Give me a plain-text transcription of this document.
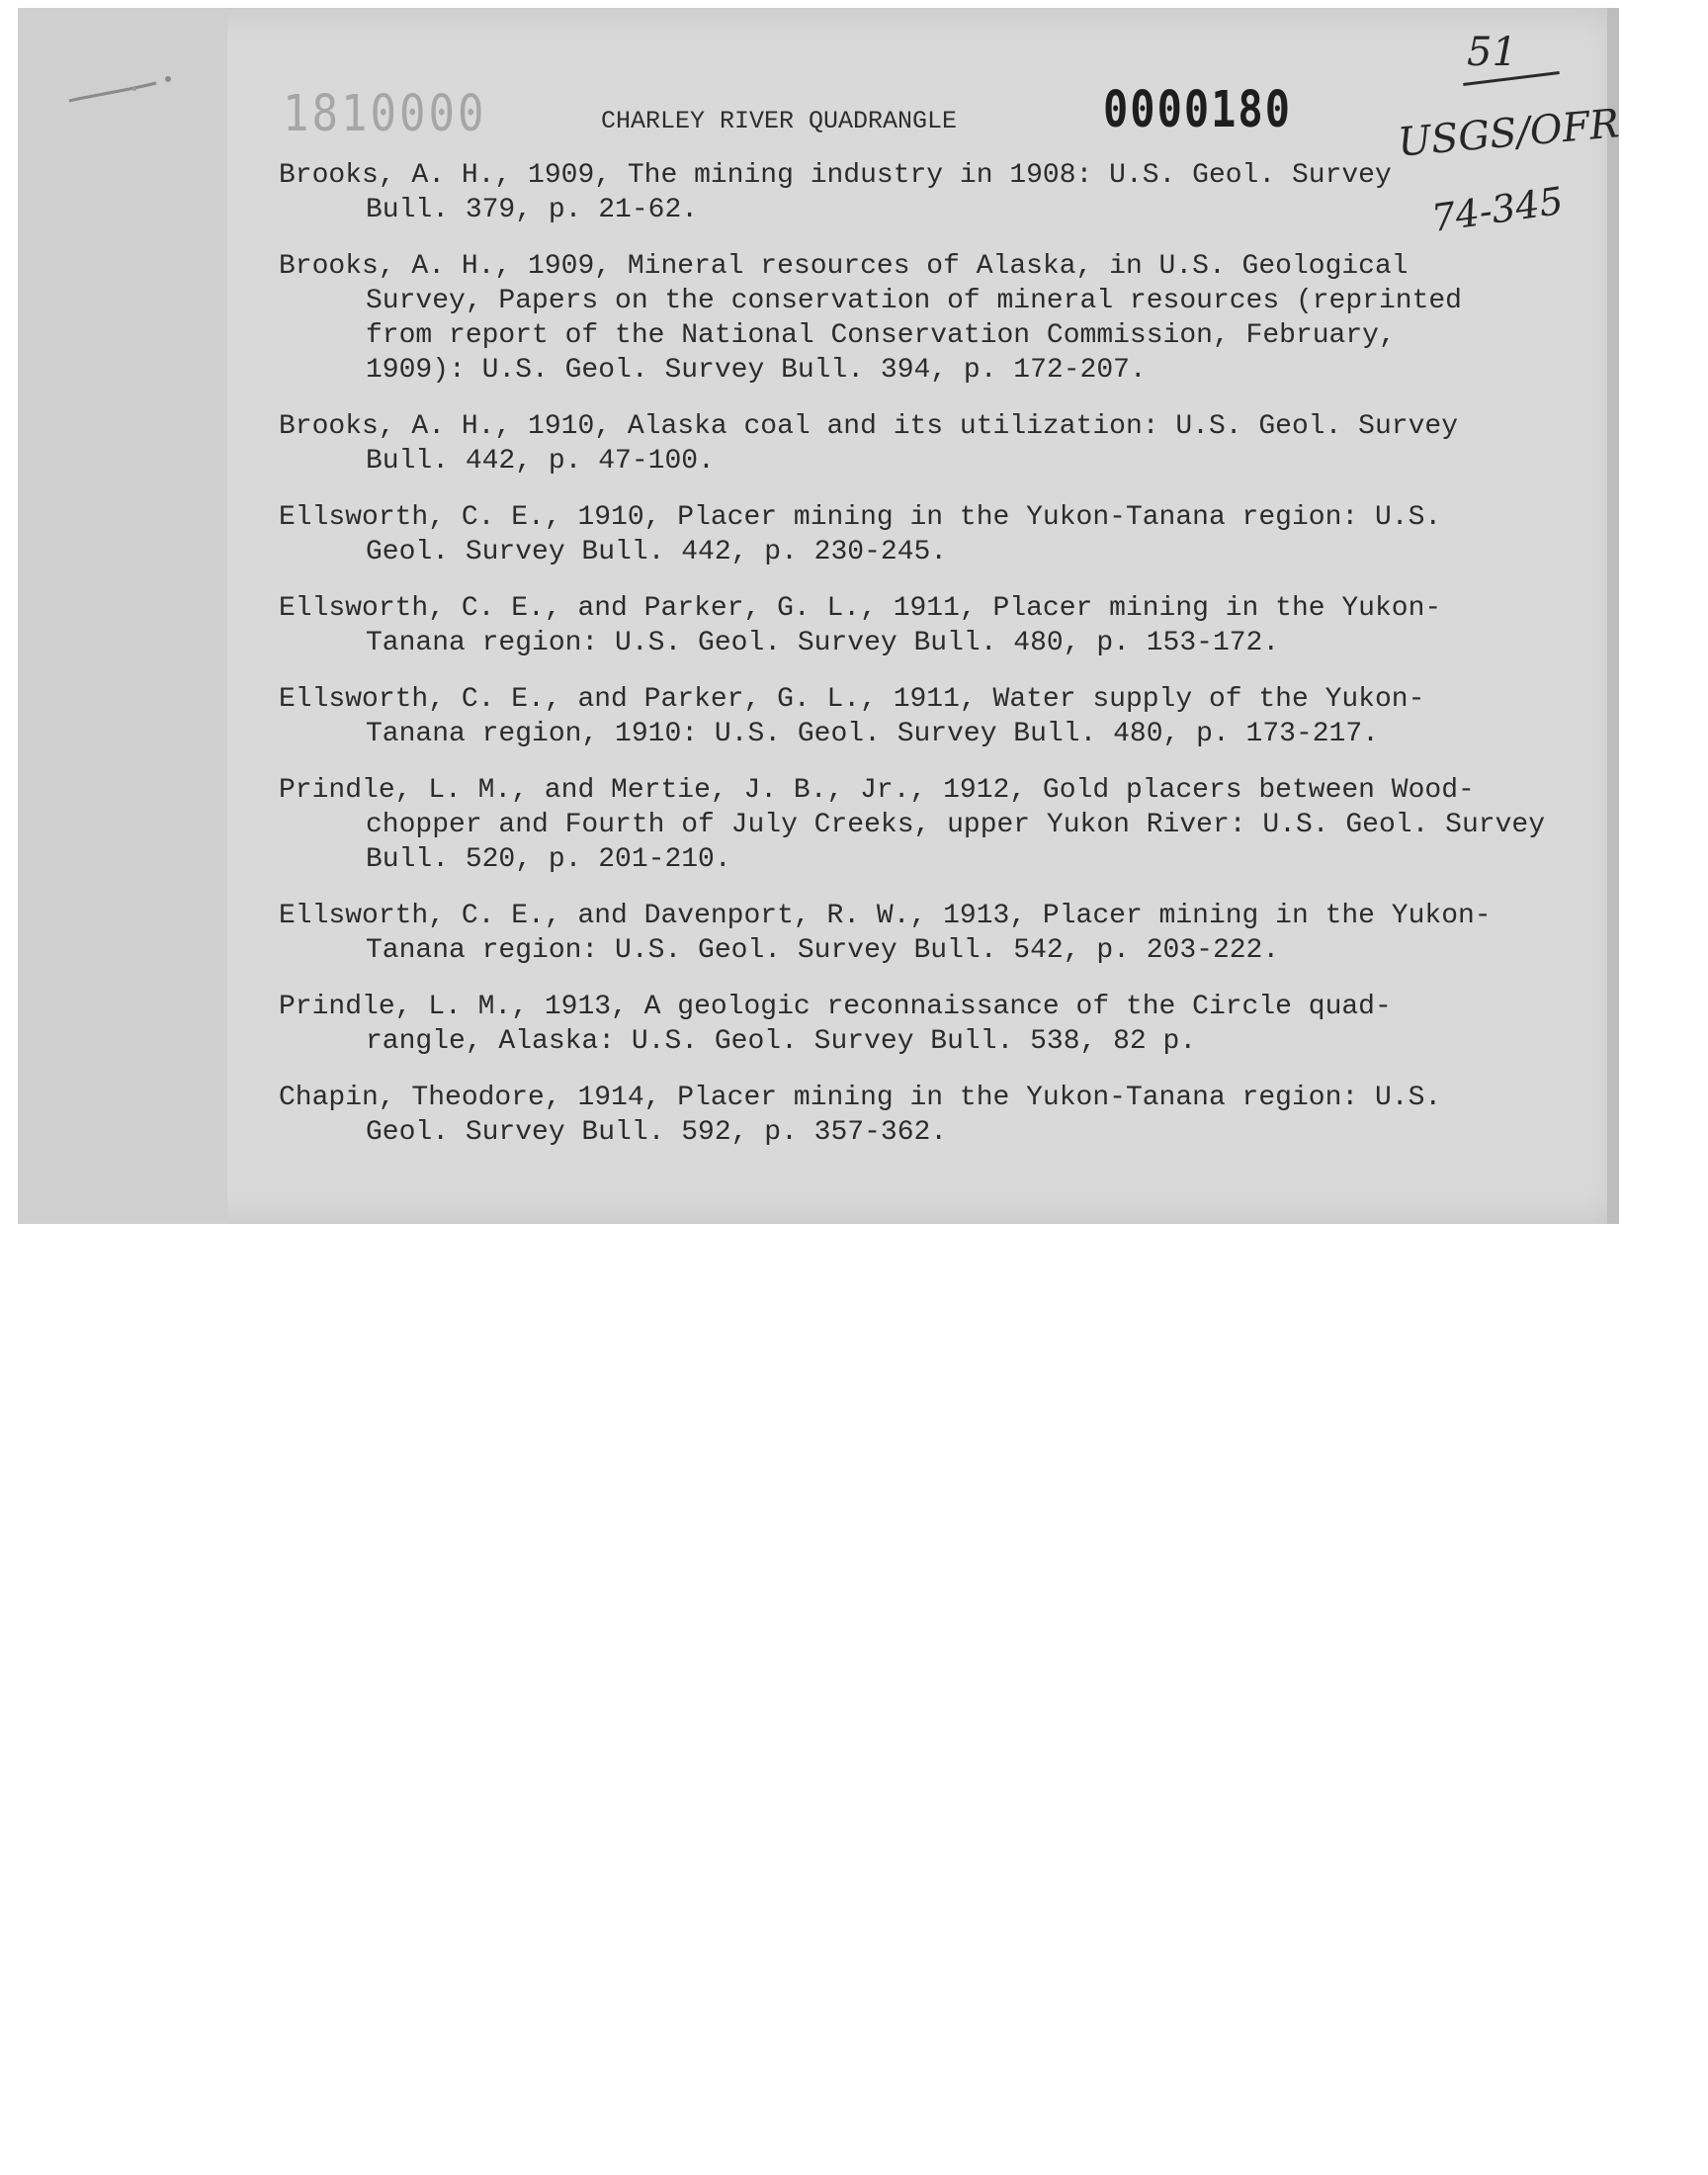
1810000	CHARLEY RIVER QUADRANGLE	0000180
51
USGS/OFR
74-345
Brooks, A. H., 1909, The mining industry in 1908: U.S. Geol. Survey
Bull. 379, p. 21-62.
Brooks, A. H., 1909, Mineral resources of Alaska, in U.S. Geological
Survey, Papers on the conservation of mineral resources (reprinted
from report of the National Conservation Commission, February,
1909): U.S. Geol. Survey Bull. 394, p. 172-207.
Brooks, A. H., 1910, Alaska coal and its utilization: U.S. Geol. Survey
Bull. 442, p. 47-100.
Ellsworth, C. E., 1910, Placer mining in the Yukon-Tanana region: U.S.
Geol. Survey Bull. 442, p. 230-245.
Ellsworth, C. E., and Parker, G. L., 1911, Placer mining in the Yukon-
Tanana region: U.S. Geol. Survey Bull. 480, p. 153-172.
Ellsworth, C. E., and Parker, G. L., 1911, Water supply of the Yukon-
Tanana region, 1910: U.S. Geol. Survey Bull. 480, p. 173-217.
Prindle, L. M., and Mertie, J. B., Jr., 1912, Gold placers between Wood-
chopper and Fourth of July Creeks, upper Yukon River: U.S. Geol. Survey
Bull. 520, p. 201-210.
Ellsworth, C. E., and Davenport, R. W., 1913, Placer mining in the Yukon-
Tanana region: U.S. Geol. Survey Bull. 542, p. 203-222.
Prindle, L. M., 1913, A geologic reconnaissance of the Circle quad-
rangle, Alaska: U.S. Geol. Survey Bull. 538, 82 p.
Chapin, Theodore, 1914, Placer mining in the Yukon-Tanana region: U.S.
Geol. Survey Bull. 592, p. 357-362.
